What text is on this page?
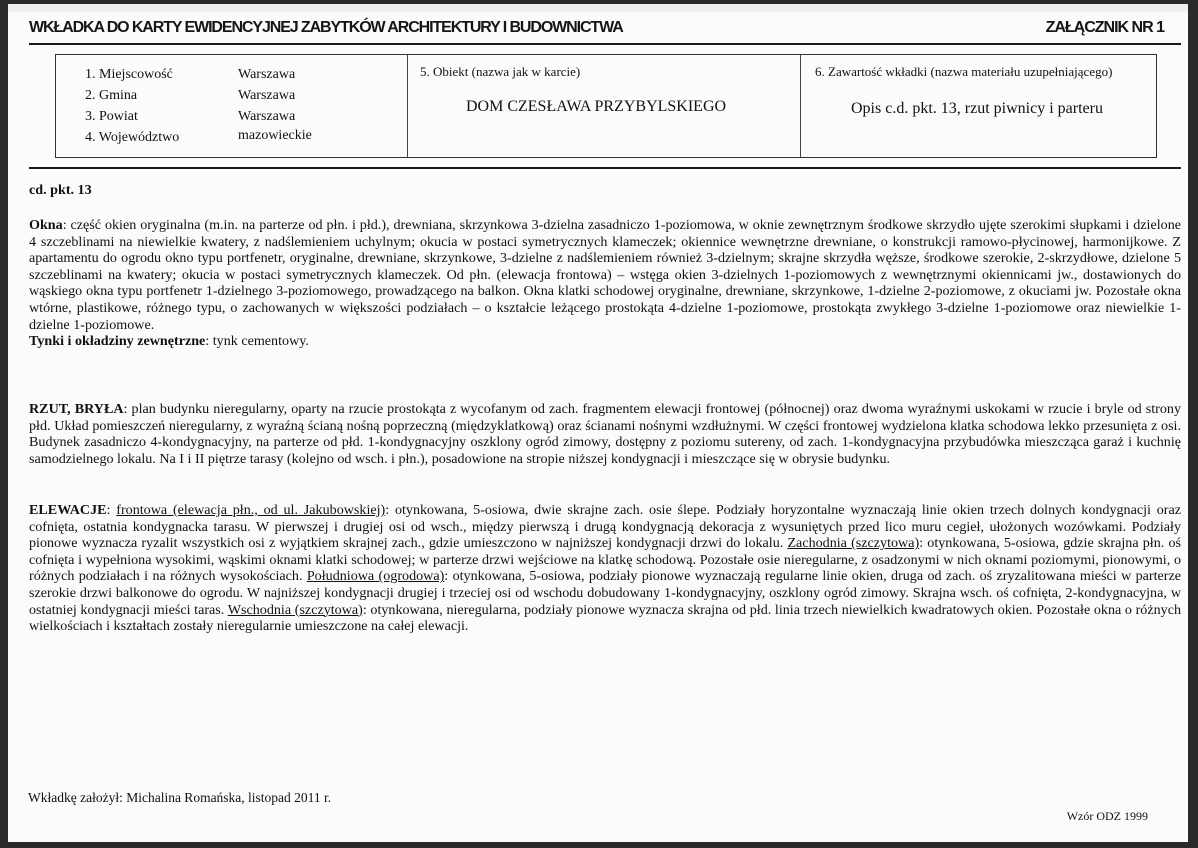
WKŁADKA DO KARTY EWIDENCYJNEJ ZABYTKÓW ARCHITEKTURY I BUDOWNICTWA	ZAŁĄCZNIK NR 1
1. Miejscowość	Warszawa
2. Gmina	Warszawa
3. Powiat	Warszawa
4. Województwo	mazowieckie
5. Obiekt (nazwa jak w karcie)
DOM CZESŁAWA PRZYBYLSKIEGO
6. Zawartość wkładki (nazwa materiału uzupełniającego)
Opis c.d. pkt. 13, rzut piwnicy i parteru

cd. pkt. 13

Okna: część okien oryginalna (m.in. na parterze od płn. i płd.), drewniana, skrzynkowa 3-dzielna zasadniczo 1-poziomowa, w oknie zewnętrznym środkowe skrzydło ujęte szerokimi słupkami i dzielone 4 szczeblinami na niewielkie kwatery, z nadślemieniem uchylnym; okucia w postaci symetrycznych klameczek; okiennice wewnętrzne drewniane, o konstrukcji ramowo-płycinowej, harmonijkowe. Z apartamentu do ogrodu okno typu portfenetr, oryginalne, drewniane, skrzynkowe, 3-dzielne z nadślemieniem również 3-dzielnym; skrajne skrzydła węższe, środkowe szerokie, 2-skrzydłowe, dzielone 5 szczeblinami na kwatery; okucia w postaci symetrycznych klameczek. Od płn. (elewacja frontowa) – wstęga okien 3-dzielnych 1-poziomowych z wewnętrznymi okiennicami jw., dostawionych do wąskiego okna typu portfenetr 1-dzielnego 3-poziomowego, prowadzącego na balkon. Okna klatki schodowej oryginalne, drewniane, skrzynkowe, 1-dzielne 2-poziomowe, z okuciami jw. Pozostałe okna wtórne, plastikowe, różnego typu, o zachowanych w większości podziałach – o kształcie leżącego prostokąta 4-dzielne 1-poziomowe, prostokąta zwykłego 3-dzielne 1-poziomowe oraz niewielkie 1-dzielne 1-poziomowe.

Tynki i okładziny zewnętrzne: tynk cementowy.

RZUT, BRYŁA: plan budynku nieregularny, oparty na rzucie prostokąta z wycofanym od zach. fragmentem elewacji frontowej (północnej) oraz dwoma wyraźnymi uskokami w rzucie i bryle od strony płd. Układ pomieszczeń nieregularny, z wyraźną ścianą nośną poprzeczną (międzyklatkową) oraz ścianami nośnymi wzdłużnymi. W części frontowej wydzielona klatka schodowa lekko przesunięta z osi. Budynek zasadniczo 4-kondygnacyjny, na parterze od płd. 1-kondygnacyjny oszklony ogród zimowy, dostępny z poziomu sutereny, od zach. 1-kondygnacyjna przybudówka mieszcząca garaż i kuchnię samodzielnego lokalu. Na I i II piętrze tarasy (kolejno od wsch. i płn.), posadowione na stropie niższej kondygnacji i mieszczące się w obrysie budynku.

ELEWACJE: frontowa (elewacja płn., od ul. Jakubowskiej): otynkowana, 5-osiowa, dwie skrajne zach. osie ślepe. Podziały horyzontalne wyznaczają linie okien trzech dolnych kondygnacji oraz cofnięta, ostatnia kondygnacka tarasu. W pierwszej i drugiej osi od wsch., między pierwszą i drugą kondygnacją dekoracja z wysuniętych przed lico muru cegieł, ułożonych wozówkami. Podziały pionowe wyznacza ryzalit wszystkich osi z wyjątkiem skrajnej zach., gdzie umieszczono w najniższej kondygnacji drzwi do lokalu. Zachodnia (szczytowa): otynkowana, 5-osiowa, gdzie skrajna płn. oś cofnięta i wypełniona wysokimi, wąskimi oknami klatki schodowej; w parterze drzwi wejściowe na klatkę schodową. Pozostałe osie nieregularne, z osadzonymi w nich oknami poziomymi, pionowymi, o różnych podziałach i na różnych wysokościach. Południowa (ogrodowa): otynkowana, 5-osiowa, podziały pionowe wyznaczają regularne linie okien, druga od zach. oś zryzalitowana mieści w parterze szerokie drzwi balkonowe do ogrodu. W najniższej kondygnacji drugiej i trzeciej osi od wschodu dobudowany 1-kondygnacyjny, oszklony ogród zimowy. Skrajna wsch. oś cofnięta, 2-kondygnacyjna, w ostatniej kondygnacji mieści taras. Wschodnia (szczytowa): otynkowana, nieregularna, podziały pionowe wyznacza skrajna od płd. linia trzech niewielkich kwadratowych okien. Pozostałe okna o różnych wielkościach i kształtach zostały nieregularnie umieszczone na całej elewacji.

Wkładkę założył: Michalina Romańska, listopad 2011 r.
Wzór ODZ 1999
